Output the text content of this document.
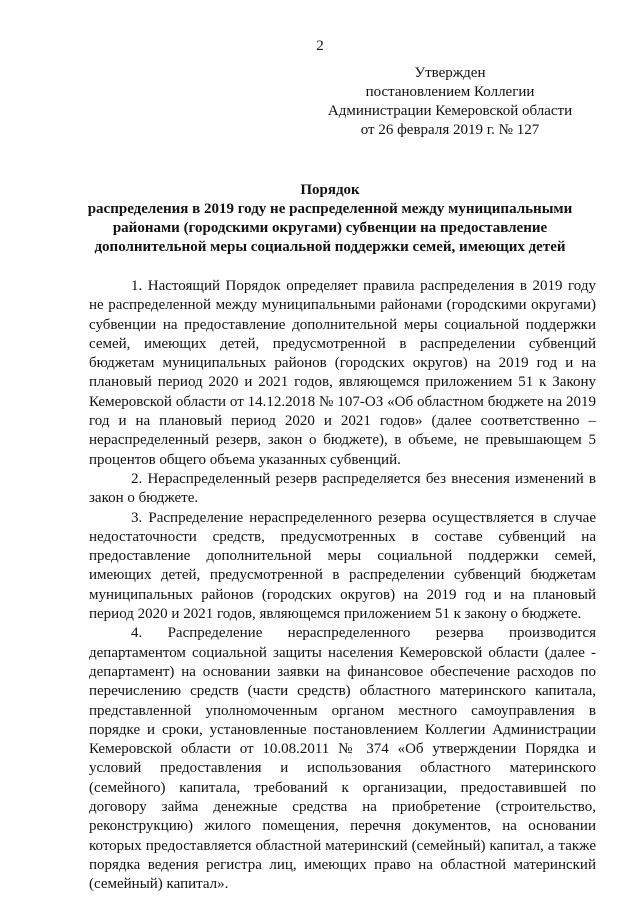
2
Утвержден
постановлением Коллегии
Администрации Кемеровской области
от 26 февраля 2019 г. № 127
Порядок
распределения в 2019 году не распределенной между муниципальными
районами (городскими округами) субвенции на предоставление
дополнительной меры социальной поддержки семей, имеющих детей

1. Настоящий Порядок определяет правила распределения в 2019 году не распределенной между муниципальными районами (городскими округами) субвенции на предоставление дополнительной меры социальной поддержки семей, имеющих детей, предусмотренной в распределении субвенций бюджетам муниципальных районов (городских округов) на 2019 год и на плановый период 2020 и 2021 годов, являющемся приложением 51 к Закону Кемеровской области от 14.12.2018 № 107-ОЗ «Об областном бюджете на 2019 год и на плановый период 2020 и 2021 годов» (далее соответственно – нераспределенный резерв, закон о бюджете), в объеме, не превышающем 5 процентов общего объема указанных субвенций.

2. Нераспределенный резерв распределяется без внесения изменений в закон о бюджете.

3. Распределение нераспределенного резерва осуществляется в случае недостаточности средств, предусмотренных в составе субвенций на предоставление дополнительной меры социальной поддержки семей, имеющих детей, предусмотренной в распределении субвенций бюджетам муниципальных районов (городских округов) на 2019 год и на плановый период 2020 и 2021 годов, являющемся приложением 51 к закону о бюджете.

4. Распределение нераспределенного резерва производится департаментом социальной защиты населения Кемеровской области (далее - департамент) на основании заявки на финансовое обеспечение расходов по перечислению средств (части средств) областного материнского капитала, представленной уполномоченным органом местного самоуправления в порядке и сроки, установленные постановлением Коллегии Администрации Кемеровской области от 10.08.2011 № 374 «Об утверждении Порядка и условий предоставления и использования областного материнского (семейного) капитала, требований к организации, предоставившей по договору займа денежные средства на приобретение (строительство, реконструкцию) жилого помещения, перечня документов, на основании которых предоставляется областной материнский (семейный) капитал, а также порядка ведения регистра лиц, имеющих право на областной материнский (семейный) капитал».
